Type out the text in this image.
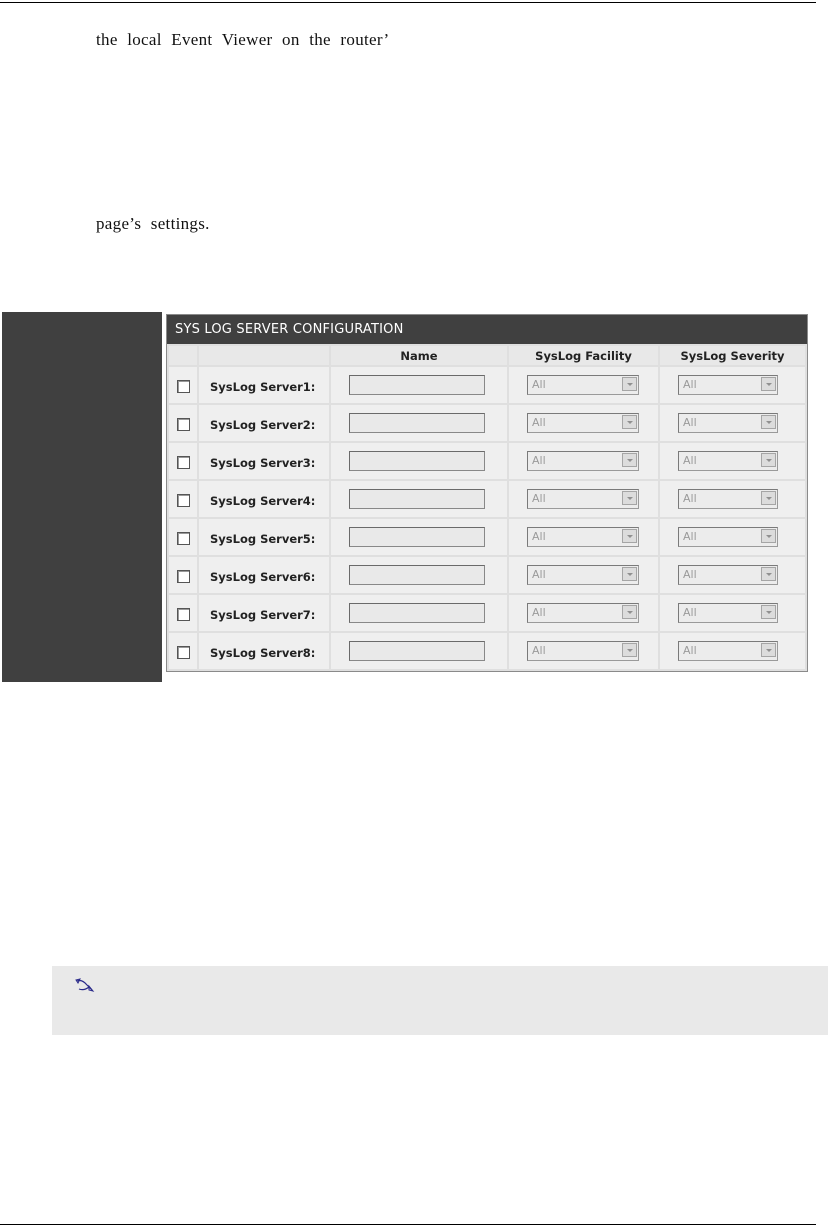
the local Event Viewer on the router’
page’s settings.
SYS LOG SERVER CONFIGURATION
		Name	SysLog Facility	SysLog Severity
	SysLog Server1:		All	All

	SysLog Server2:		All	All

	SysLog Server3:		All	All

	SysLog Server4:		All	All

	SysLog Server5:		All	All

	SysLog Server6:		All	All

	SysLog Server7:		All	All

	SysLog Server8:		All	All
